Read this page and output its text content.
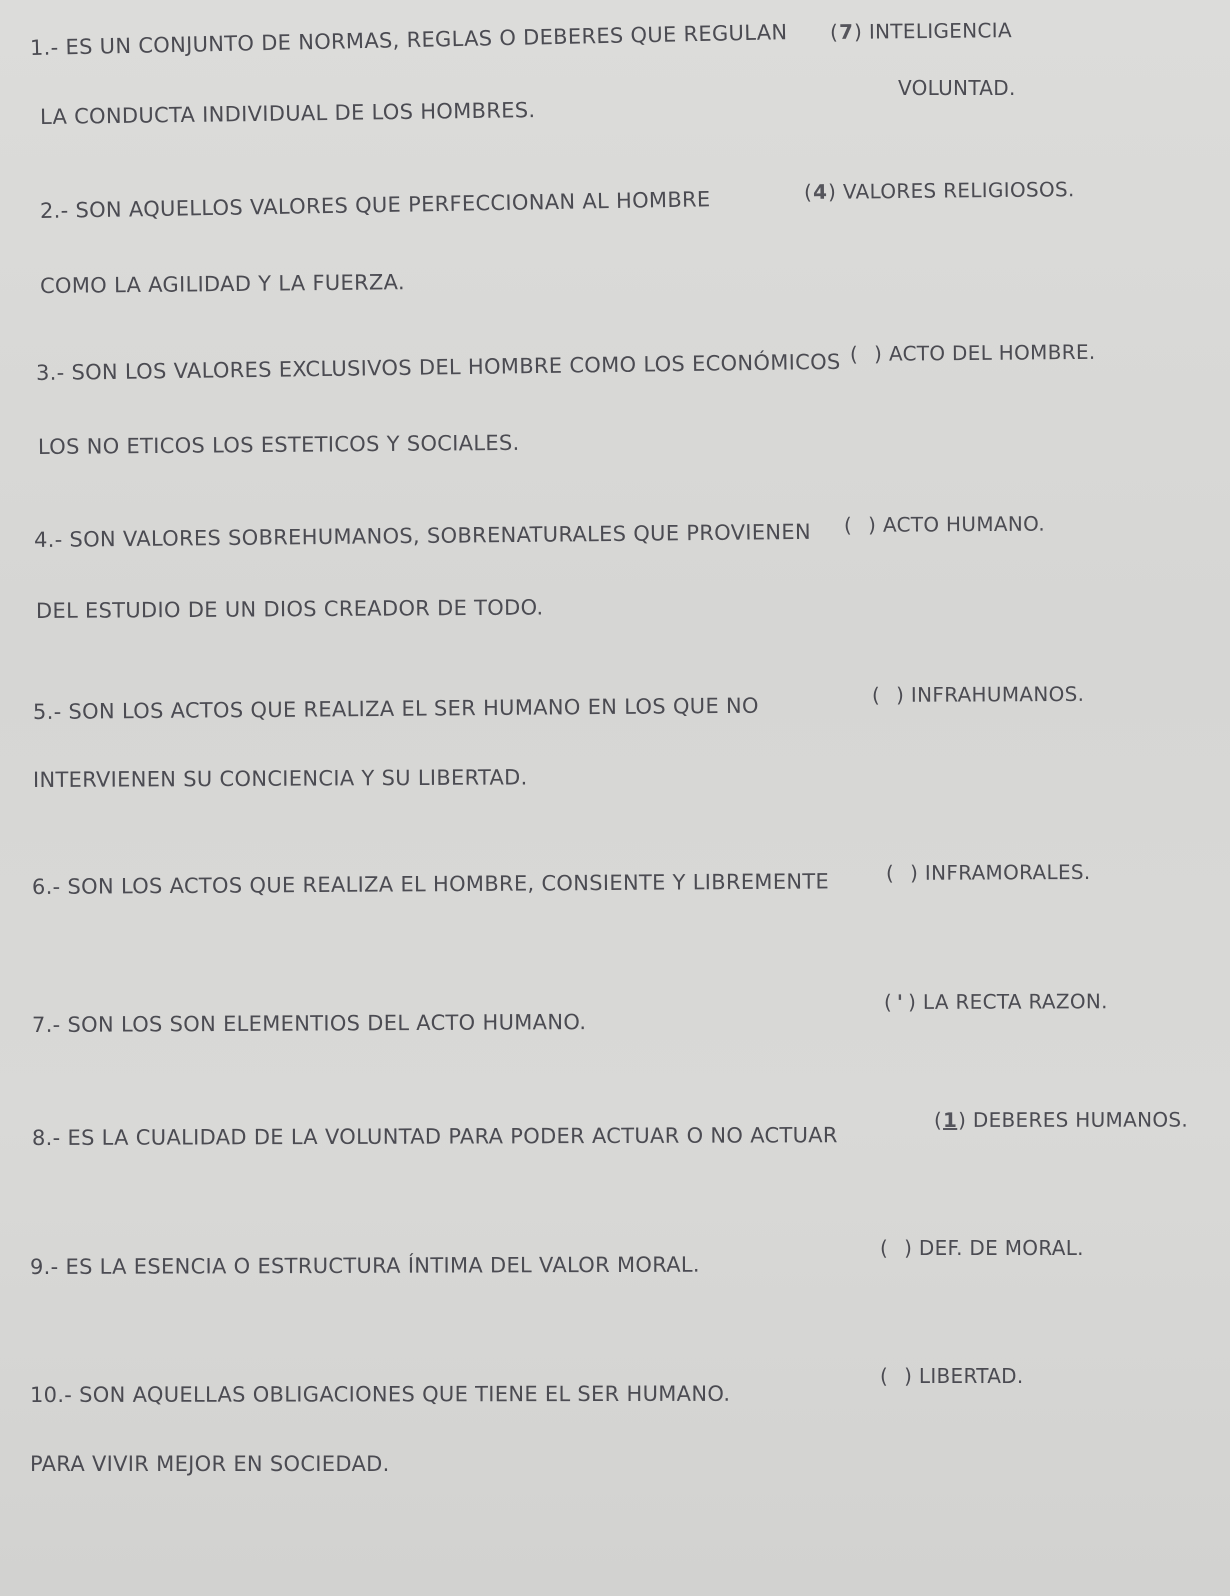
1.- ES UN CONJUNTO DE NORMAS, REGLAS O DEBERES QUE REGULAN
LA CONDUCTA INDIVIDUAL DE LOS HOMBRES.
2.- SON AQUELLOS VALORES QUE PERFECCIONAN AL HOMBRE
COMO LA AGILIDAD Y LA FUERZA.
3.- SON LOS VALORES EXCLUSIVOS DEL HOMBRE COMO LOS ECONÓMICOS
LOS NO ETICOS LOS ESTETICOS Y SOCIALES.
4.- SON VALORES SOBREHUMANOS, SOBRENATURALES QUE PROVIENEN
DEL ESTUDIO DE UN DIOS CREADOR DE TODO.
5.- SON LOS ACTOS QUE REALIZA EL SER HUMANO EN LOS QUE NO
INTERVIENEN SU CONCIENCIA Y SU LIBERTAD.
6.- SON LOS ACTOS QUE REALIZA EL HOMBRE, CONSIENTE Y LIBREMENTE
7.- SON LOS SON ELEMENTIOS DEL ACTO HUMANO.
8.- ES LA CUALIDAD DE LA VOLUNTAD PARA PODER ACTUAR O NO ACTUAR
9.- ES LA ESENCIA O ESTRUCTURA ÍNTIMA DEL VALOR MORAL.
10.- SON AQUELLAS OBLIGACIONES QUE TIENE EL SER HUMANO.
PARA VIVIR MEJOR EN SOCIEDAD.
(7) INTELIGENCIA
VOLUNTAD.
(4) VALORES RELIGIOSOS.
( ) ACTO DEL HOMBRE.
( ) ACTO HUMANO.
( ) INFRAHUMANOS.
( ) INFRAMORALES.
( ' ) LA RECTA RAZON.
(1) DEBERES HUMANOS.
( ) DEF. DE MORAL.
( ) LIBERTAD.
